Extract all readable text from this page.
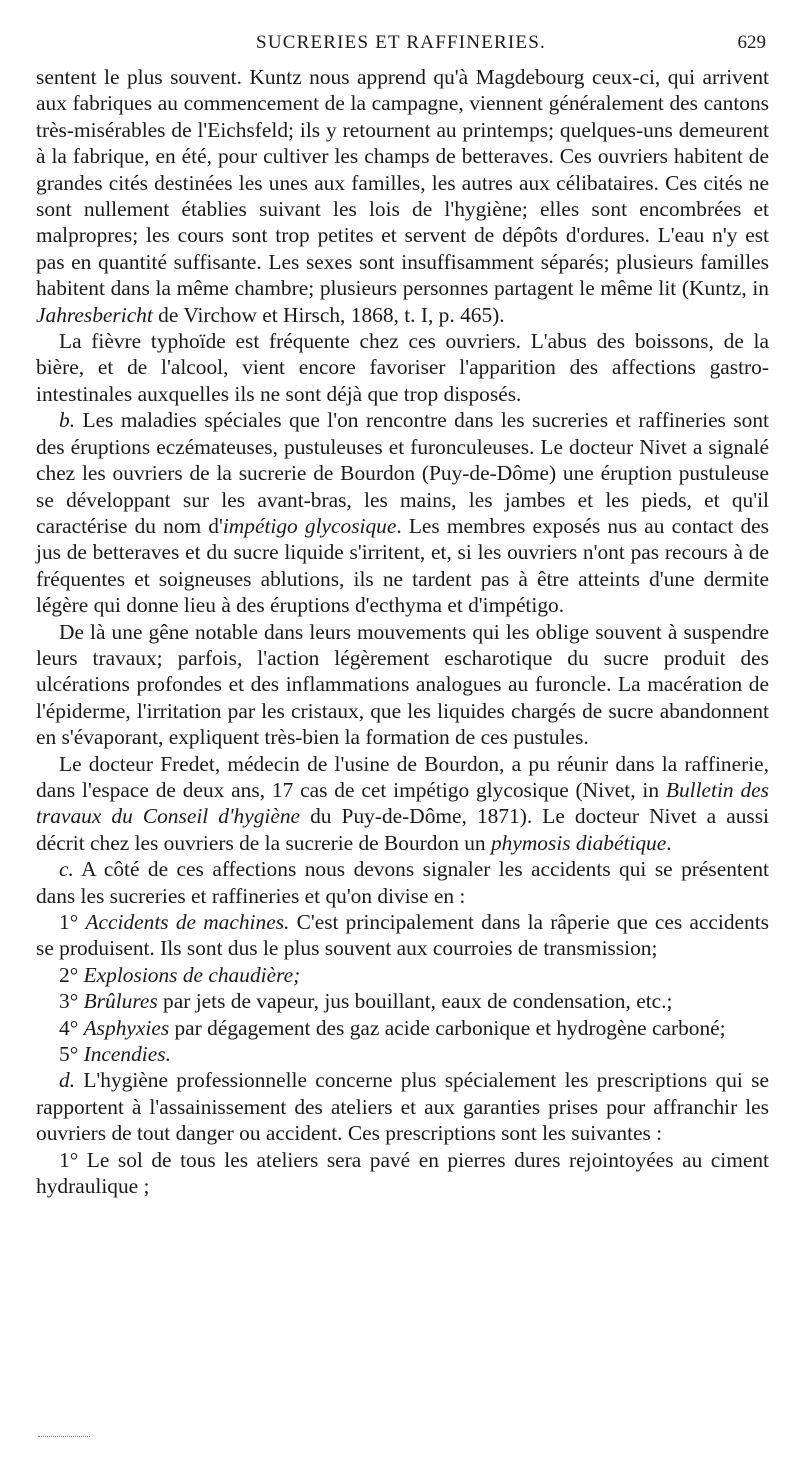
SUCRERIES ET RAFFINERIES.	629

sentent le plus souvent. Kuntz nous apprend qu'à Magdebourg ceux-ci, qui arrivent aux fabriques au commencement de la campagne, viennent généralement des cantons très-misérables de l'Eichsfeld; ils y retournent au printemps; quelques-uns demeurent à la fabrique, en été, pour cultiver les champs de betteraves. Ces ouvriers habitent de grandes cités destinées les unes aux familles, les autres aux célibataires. Ces cités ne sont nullement établies suivant les lois de l'hygiène; elles sont encombrées et malpropres; les cours sont trop petites et servent de dépôts d'ordures. L'eau n'y est pas en quantité suffisante. Les sexes sont insuffisamment séparés; plusieurs familles habitent dans la même chambre; plusieurs personnes partagent le même lit (Kuntz, in Jahresbericht de Virchow et Hirsch, 1868, t. I, p. 465).

La fièvre typhoïde est fréquente chez ces ouvriers. L'abus des boissons, de la bière, et de l'alcool, vient encore favoriser l'apparition des affections gastro-intestinales auxquelles ils ne sont déjà que trop disposés.

b. Les maladies spéciales que l'on rencontre dans les sucreries et raffineries sont des éruptions eczémateuses, pustuleuses et furonculeuses. Le docteur Nivet a signalé chez les ouvriers de la sucrerie de Bourdon (Puy-de-Dôme) une éruption pustuleuse se développant sur les avant-bras, les mains, les jambes et les pieds, et qu'il caractérise du nom d'impétigo glycosique. Les membres exposés nus au contact des jus de betteraves et du sucre liquide s'irritent, et, si les ouvriers n'ont pas recours à de fréquentes et soigneuses ablutions, ils ne tardent pas à être atteints d'une dermite légère qui donne lieu à des éruptions d'ecthyma et d'impétigo.

De là une gêne notable dans leurs mouvements qui les oblige souvent à suspendre leurs travaux; parfois, l'action légèrement escharotique du sucre produit des ulcérations profondes et des inflammations analogues au furoncle. La macération de l'épiderme, l'irritation par les cristaux, que les liquides chargés de sucre abandonnent en s'évaporant, expliquent très-bien la formation de ces pustules.

Le docteur Fredet, médecin de l'usine de Bourdon, a pu réunir dans la raffinerie, dans l'espace de deux ans, 17 cas de cet impétigo glycosique (Nivet, in Bulletin des travaux du Conseil d'hygiène du Puy-de-Dôme, 1871). Le docteur Nivet a aussi décrit chez les ouvriers de la sucrerie de Bourdon un phymosis diabétique.

c. A côté de ces affections nous devons signaler les accidents qui se présentent dans les sucreries et raffineries et qu'on divise en :

1° Accidents de machines. C'est principalement dans la râperie que ces accidents se produisent. Ils sont dus le plus souvent aux courroies de transmission;

2° Explosions de chaudière;

3° Brûlures par jets de vapeur, jus bouillant, eaux de condensation, etc.;

4° Asphyxies par dégagement des gaz acide carbonique et hydrogène carboné;

5° Incendies.

d. L'hygiène professionnelle concerne plus spécialement les prescriptions qui se rapportent à l'assainissement des ateliers et aux garanties prises pour affranchir les ouvriers de tout danger ou accident. Ces prescriptions sont les suivantes :

1° Le sol de tous les ateliers sera pavé en pierres dures rejointoyées au ciment hydraulique ;
